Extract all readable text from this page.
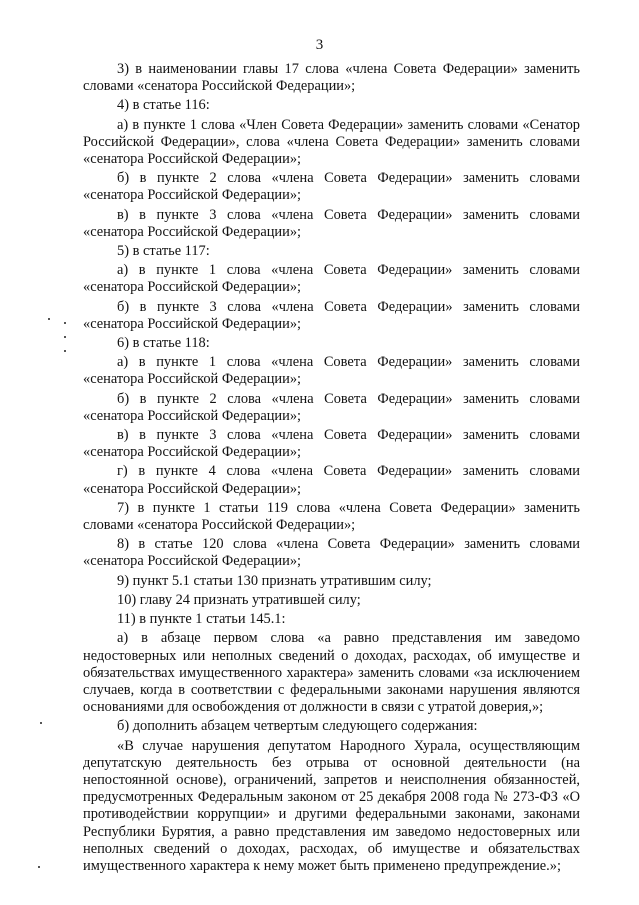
3

3) в наименовании главы 17 слова «члена Совета Федерации» заменить словами «сенатора Российской Федерации»;

4) в статье 116:

а) в пункте 1 слова «Член Совета Федерации» заменить словами «Сенатор Российской Федерации», слова «члена Совета Федерации» заменить словами «сенатора Российской Федерации»;

б) в пункте 2 слова «члена Совета Федерации» заменить словами «сенатора Российской Федерации»;

в) в пункте 3 слова «члена Совета Федерации» заменить словами «сенатора Российской Федерации»;

5) в статье 117:

а) в пункте 1 слова «члена Совета Федерации» заменить словами «сенатора Российской Федерации»;

б) в пункте 3 слова «члена Совета Федерации» заменить словами «сенатора Российской Федерации»;

6) в статье 118:

а) в пункте 1 слова «члена Совета Федерации» заменить словами «сенатора Российской Федерации»;

б) в пункте 2 слова «члена Совета Федерации» заменить словами «сенатора Российской Федерации»;

в) в пункте 3 слова «члена Совета Федерации» заменить словами «сенатора Российской Федерации»;

г) в пункте 4 слова «члена Совета Федерации» заменить словами «сенатора Российской Федерации»;

7) в пункте 1 статьи 119 слова «члена Совета Федерации» заменить словами «сенатора Российской Федерации»;

8) в статье 120 слова «члена Совета Федерации» заменить словами «сенатора Российской Федерации»;

9) пункт 5.1 статьи 130 признать утратившим силу;

10) главу 24 признать утратившей силу;

11) в пункте 1 статьи 145.1:

а) в абзаце первом слова «а равно представления им заведомо недостоверных или неполных сведений о доходах, расходах, об имуществе и обязательствах имущественного характера» заменить словами «за исключением случаев, когда в соответствии с федеральными законами нарушения являются основаниями для освобождения от должности в связи с утратой доверия,»;

б) дополнить абзацем четвертым следующего содержания:

«В случае нарушения депутатом Народного Хурала, осуществляющим депутатскую деятельность без отрыва от основной деятельности (на непостоянной основе), ограничений, запретов и неисполнения обязанностей, предусмотренных Федеральным законом от 25 декабря 2008 года № 273-ФЗ «О противодействии коррупции» и другими федеральными законами, законами Республики Бурятия, а равно представления им заведомо недостоверных или неполных сведений о доходах, расходах, об имуществе и обязательствах имущественного характера к нему может быть применено предупреждение.»;
